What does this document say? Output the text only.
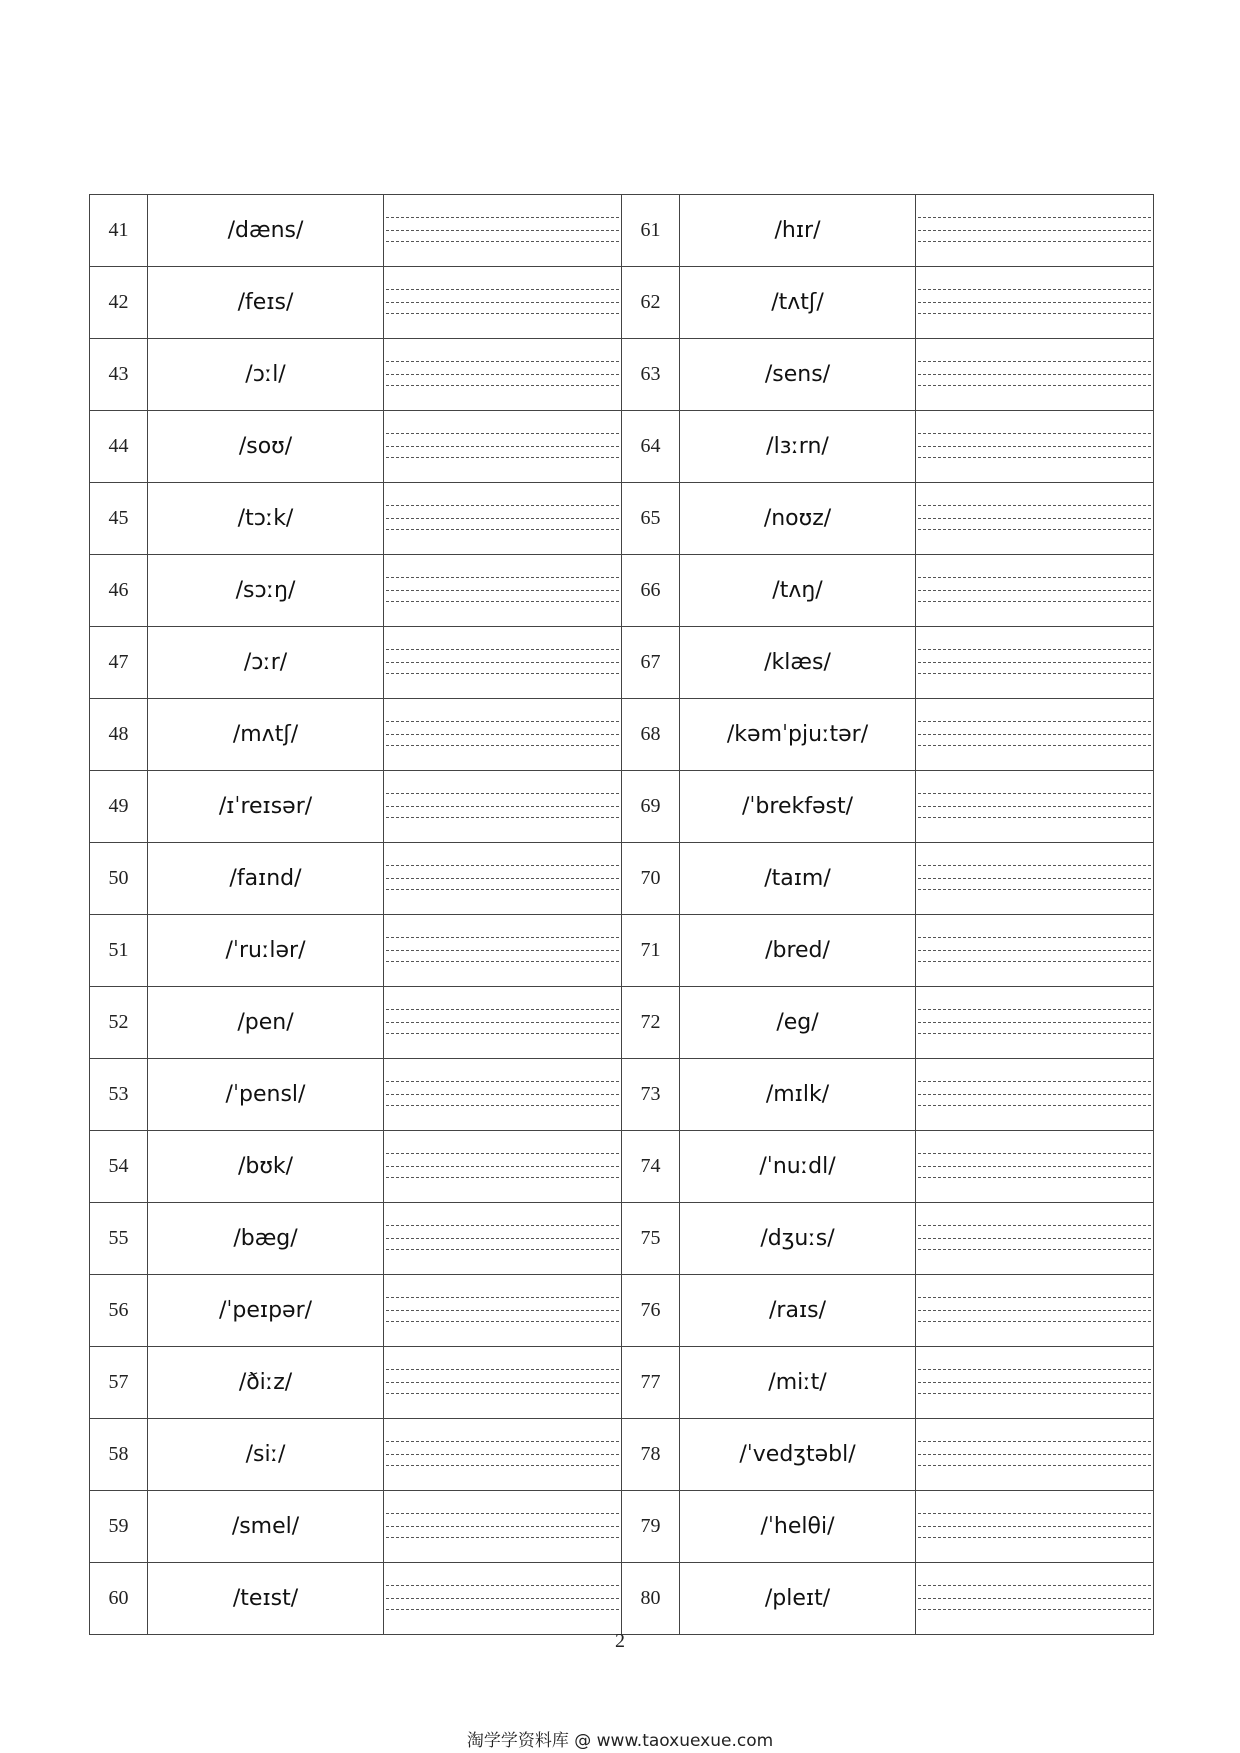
41	/dæns/		61	/hɪr/	

42	/feɪs/		62	/tʌtʃ/	

43	/ɔːl/		63	/sens/	

44	/soʊ/		64	/lɜːrn/	

45	/tɔːk/		65	/noʊz/	

46	/sɔːŋ/		66	/tʌŋ/	

47	/ɔːr/		67	/klæs/	

48	/mʌtʃ/		68	/kəmˈpjuːtər/	

49	/ɪˈreɪsər/		69	/ˈbrekfəst/	

50	/faɪnd/		70	/taɪm/	

51	/ˈruːlər/		71	/bred/	

52	/pen/		72	/eg/	

53	/ˈpensl/		73	/mɪlk/	

54	/bʊk/		74	/ˈnuːdl/	

55	/bæg/		75	/dʒuːs/	

56	/ˈpeɪpər/		76	/raɪs/	

57	/ðiːz/		77	/miːt/	

58	/siː/		78	/ˈvedʒtəbl/	

59	/smel/		79	/ˈhelθi/	

60	/teɪst/		80	/pleɪt/	
2
淘学学资料库 @ www.taoxuexue.com
